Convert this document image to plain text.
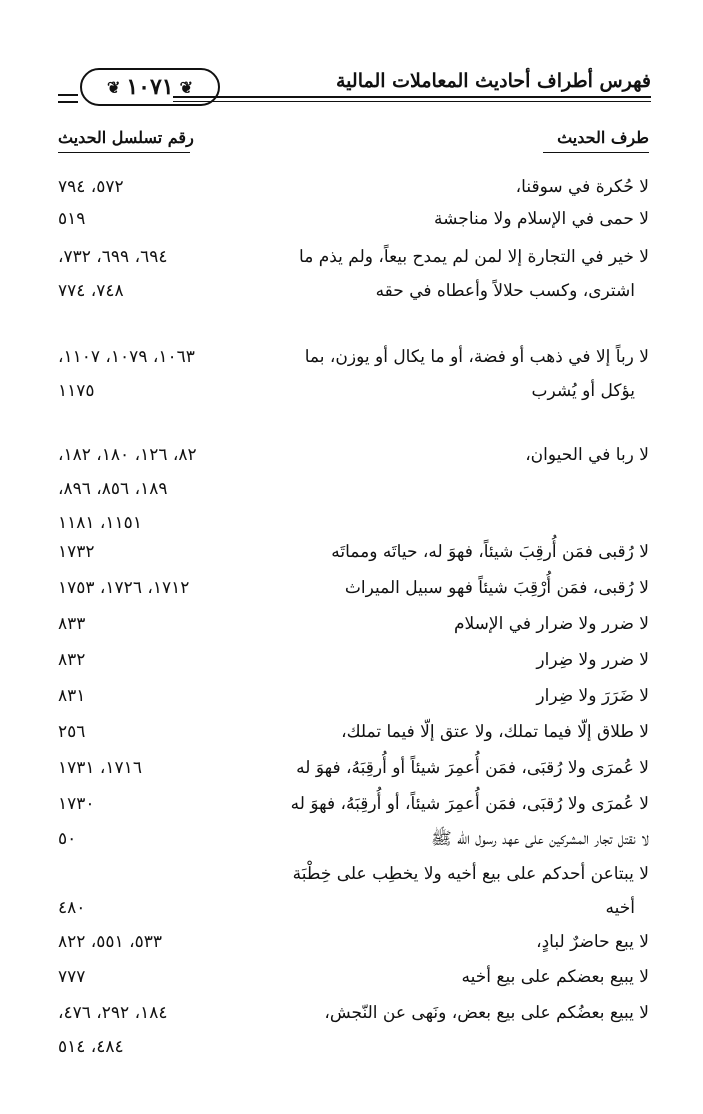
فهرس أطراف أحاديث المعاملات المالية
❦ ١٠٧١ ❦
طرف الحديث
رقم تسلسل الحديث
لا حُكرة في سوقنا،
٥٧٢، ٧٩٤
لا حمى في الإسلام ولا مناجشة
٥١٩
لا خير في التجارة إلا لمن لم يمدح بيعاً، ولم يذم ما
اشترى، وكسب حلالاً وأعطاه في حقه
٦٩٤، ٦٩٩، ٧٣٢،
٧٤٨، ٧٧٤
لا رباً إلا في ذهب أو فضة، أو ما يكال أو يوزن، بما
يؤكل أو يُشرب
١٠٦٣، ١٠٧٩، ١١٠٧،
١١٧٥
لا ربا في الحيوان،
٨٢، ١٢٦، ١٨٠، ١٨٢،
١٨٩، ٨٥٦، ٨٩٦،
١١٥١، ١١٨١
لا رُقبى فمَن أُرقِبَ شيئاً، فهوَ له، حياتَه ومماتَه
١٧٣٢
لا رُقبى، فمَن أُرْقِبَ شيئاً فهو سبيل الميراث
١٧١٢، ١٧٢٦، ١٧٥٣
لا ضرر ولا ضرار في الإسلام
٨٣٣
لا ضرر ولا ضِرار
٨٣٢
لا ضَرَرَ ولا ضِرار
٨٣١
لا طلاق إلّا فيما تملك، ولا عتق إلّا فيما تملك،
٢٥٦
لا عُمرَى ولا رُقبَى، فمَن أُعمِرَ شيئاً أو أُرقِبَهُ، فهوَ له
١٧١٦، ١٧٣١
لا عُمرَى ولا رُقبَى، فمَن أُعمِرَ شيئاً، أو أُرقِبَهُ، فهوَ له
١٧٣٠
لا نقتل تجار المشركين على عهد رسول الله ﷺ
٥٠
لا يبتاعن أحدكم على بيع أخيه ولا يخطِب على خِطْبَة
أخيه
٤٨٠
لا يبع حاضرٌ لبادٍ،
٥٣٣، ٥٥١، ٨٢٢
لا يبيع بعضكم على بيع أخيه
٧٧٧
لا يبيع بعضُكم على بيع بعض، ونَهى عن النّجش،
١٨٤، ٢٩٢، ٤٧٦،
٤٨٤، ٥١٤
